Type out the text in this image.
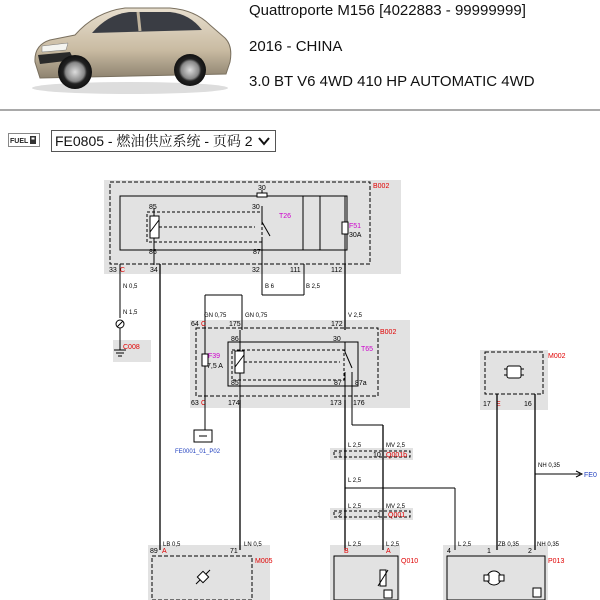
Quattroporte M156 [4022883 - 99999999]
2016 - CHINA
3.0 BT V6 4WD 410 HP AUTOMATIC 4WD
FUEL FE0805 - 燃油供应系统 - 页码 2
B002
T26
F51
30A
30
30
85
86	87
33 C	34	32	111	112
N 0,5
N 1,5
C008
B 6	B 2,5
V 2,5
GN 0,75	GN 0,75
B002
T65
F39
7,5 A
86	30
85	87 87a
64 C	175	172
63 C	174	173 176
FE0001_01_P02
L 2,5	MV 2,5
L 2,5
L 2,5	MV 2,5
L 2,5	L 2,5
1	10 Q001b
2	1 Q001
M002
17 E	16
FE0
NH 0,35
LB 0,5	LN 0,5	L 2,5	ZB 0,35	NH 0,35
89 A	71
M005
B	A
Q010
4	1	2
P013
